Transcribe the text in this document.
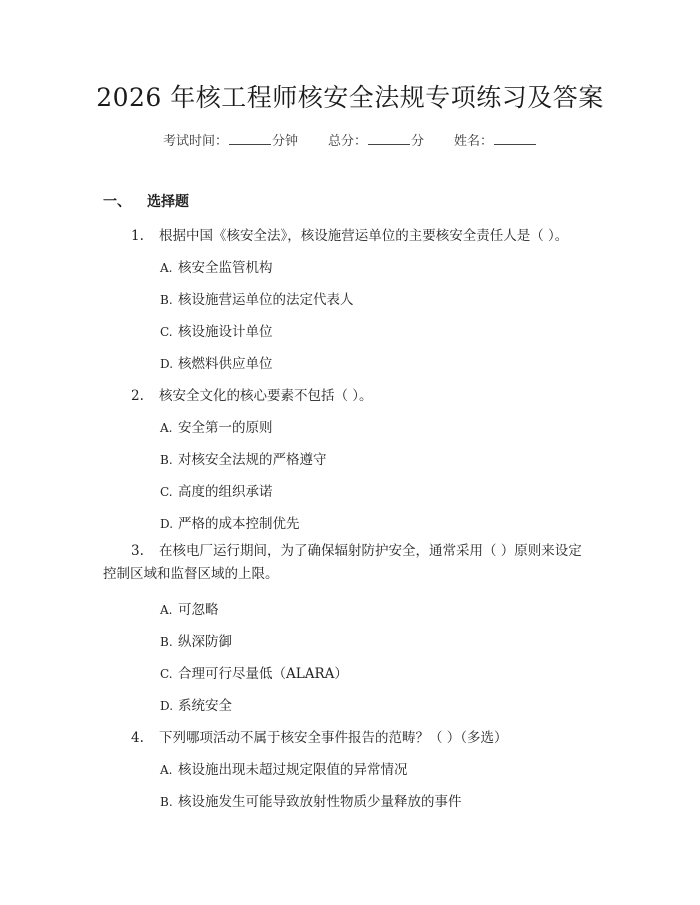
2026 年核工程师核安全法规专项练习及答案
考试时间：	分钟 总分：	分 姓名：
一、 选择题
1. 根据中国《核安全法》，核设施营运单位的主要核安全责任人是（ ）。
A. 核安全监管机构
B. 核设施营运单位的法定代表人
C. 核设施设计单位
D. 核燃料供应单位
2. 核安全文化的核心要素不包括（ ）。
A. 安全第一的原则
B. 对核安全法规的严格遵守
C. 高度的组织承诺
D. 严格的成本控制优先
3. 在核电厂运行期间，为了确保辐射防护安全，通常采用（ ）原则来设定
控制区域和监督区域的上限。
A. 可忽略
B. 纵深防御
C. 合理可行尽量低（ALARA）
D. 系统安全
4. 下列哪项活动不属于核安全事件报告的范畴？（ ）（多选）
A. 核设施出现未超过规定限值的异常情况
B. 核设施发生可能导致放射性物质少量释放的事件
